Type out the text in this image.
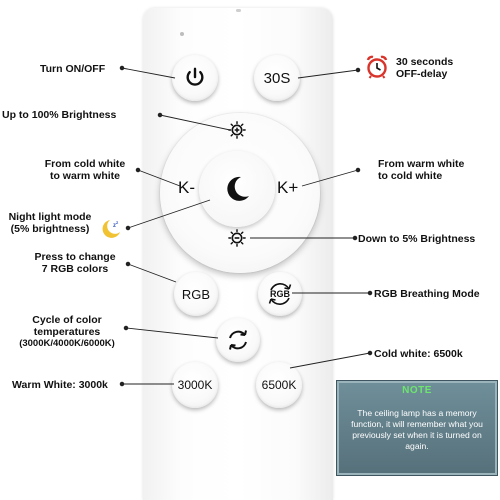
30S
K-	K+
RGB	RGB
3000K	6500K
z
z
Turn ON/OFF
30 seconds
OFF-delay
Up to 100% Brightness
From cold white
to warm white
From warm white
to cold white
Night light mode
(5% brightness)
Down to 5% Brightness
Press to change
7 RGB colors
RGB Breathing Mode
Cycle of color
temperatures
(3000K/4000K/6000K)
Cold white: 6500k
Warm White: 3000k	NOTE
The ceiling lamp has a memory function, it will remember what you previously set when it is turned on again.
